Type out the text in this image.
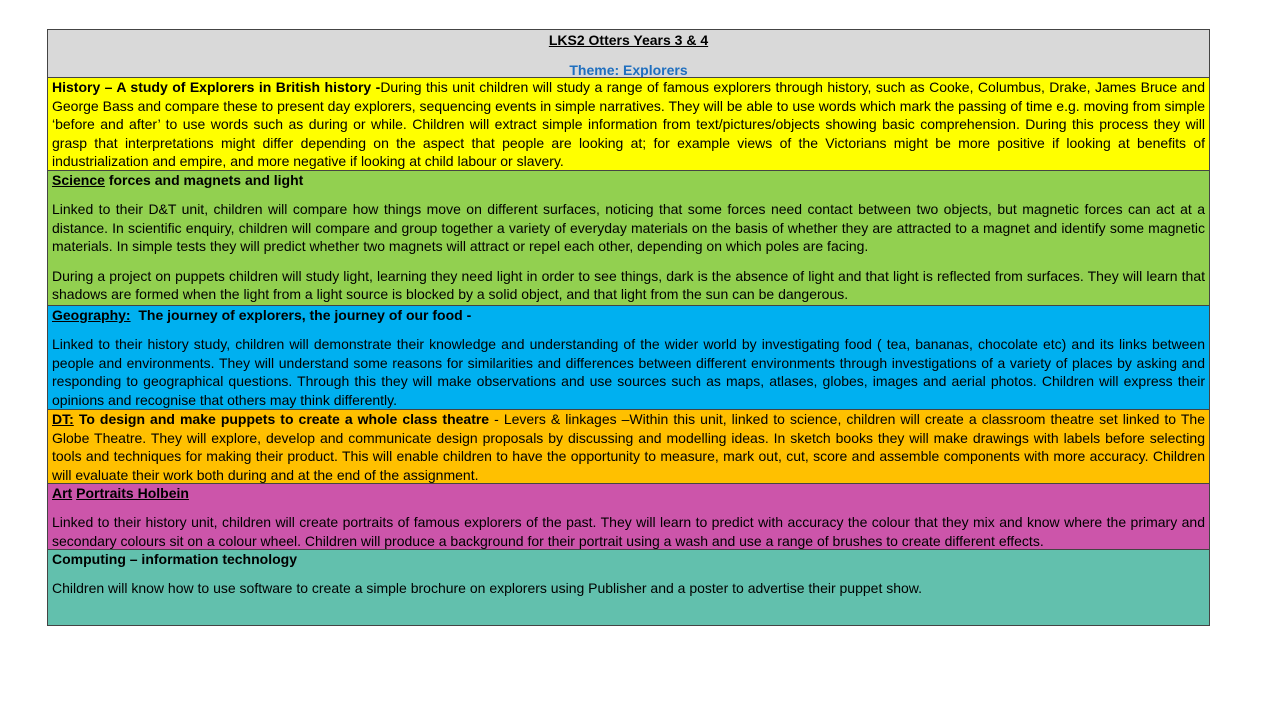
LKS2 Otters Years 3 & 4
Theme: Explorers
History – A study of Explorers in British history -During this unit children will study a range of famous explorers through history, such as Cooke, Columbus, Drake, James Bruce and George Bass and compare these to present day explorers, sequencing events in simple narratives. They will be able to use words which mark the passing of time e.g. moving from simple ‘before and after’ to use words such as during or while. Children will extract simple information from text/pictures/objects showing basic comprehension. During this process they will grasp that interpretations might differ depending on the aspect that people are looking at; for example views of the Victorians might be more positive if looking at benefits of industrialization and empire, and more negative if looking at child labour or slavery.

Science forces and magnets and light

Linked to their D&T unit, children will compare how things move on different surfaces, noticing that some forces need contact between two objects, but magnetic forces can act at a distance. In scientific enquiry, children will compare and group together a variety of everyday materials on the basis of whether they are attracted to a magnet and identify some magnetic materials. In simple tests they will predict whether two magnets will attract or repel each other, depending on which poles are facing.

During a project on puppets children will study light, learning they need light in order to see things, dark is the absence of light and that light is reflected from surfaces. They will learn that shadows are formed when the light from a light source is blocked by a solid object, and that light from the sun can be dangerous.

Geography:  The journey of explorers, the journey of our food -

Linked to their history study, children will demonstrate their knowledge and understanding of the wider world by investigating food ( tea, bananas, chocolate etc) and its links between people and environments. They will understand some reasons for similarities and differences between different environments through investigations of a variety of places by asking and responding to geographical questions. Through this they will make observations and use sources such as maps, atlases, globes, images and aerial photos. Children will express their opinions and recognise that others may think differently.

DT: To design and make puppets to create a whole class theatre - Levers & linkages –Within this unit, linked to science, children will create a classroom theatre set linked to The Globe Theatre. They will explore, develop and communicate design proposals by discussing and modelling ideas. In sketch books they will make drawings with labels before selecting tools and techniques for making their product. This will enable children to have the opportunity to measure, mark out, cut, score and assemble components with more accuracy. Children will evaluate their work both during and at the end of the assignment.

Art Portraits Holbein

Linked to their history unit, children will create portraits of famous explorers of the past. They will learn to predict with accuracy the colour that they mix and know where the primary and secondary colours sit on a colour wheel. Children will produce a background for their portrait using a wash and use a range of brushes to create different effects.

Computing – information technology

Children will know how to use software to create a simple brochure on explorers using Publisher and a poster to advertise their puppet show.
